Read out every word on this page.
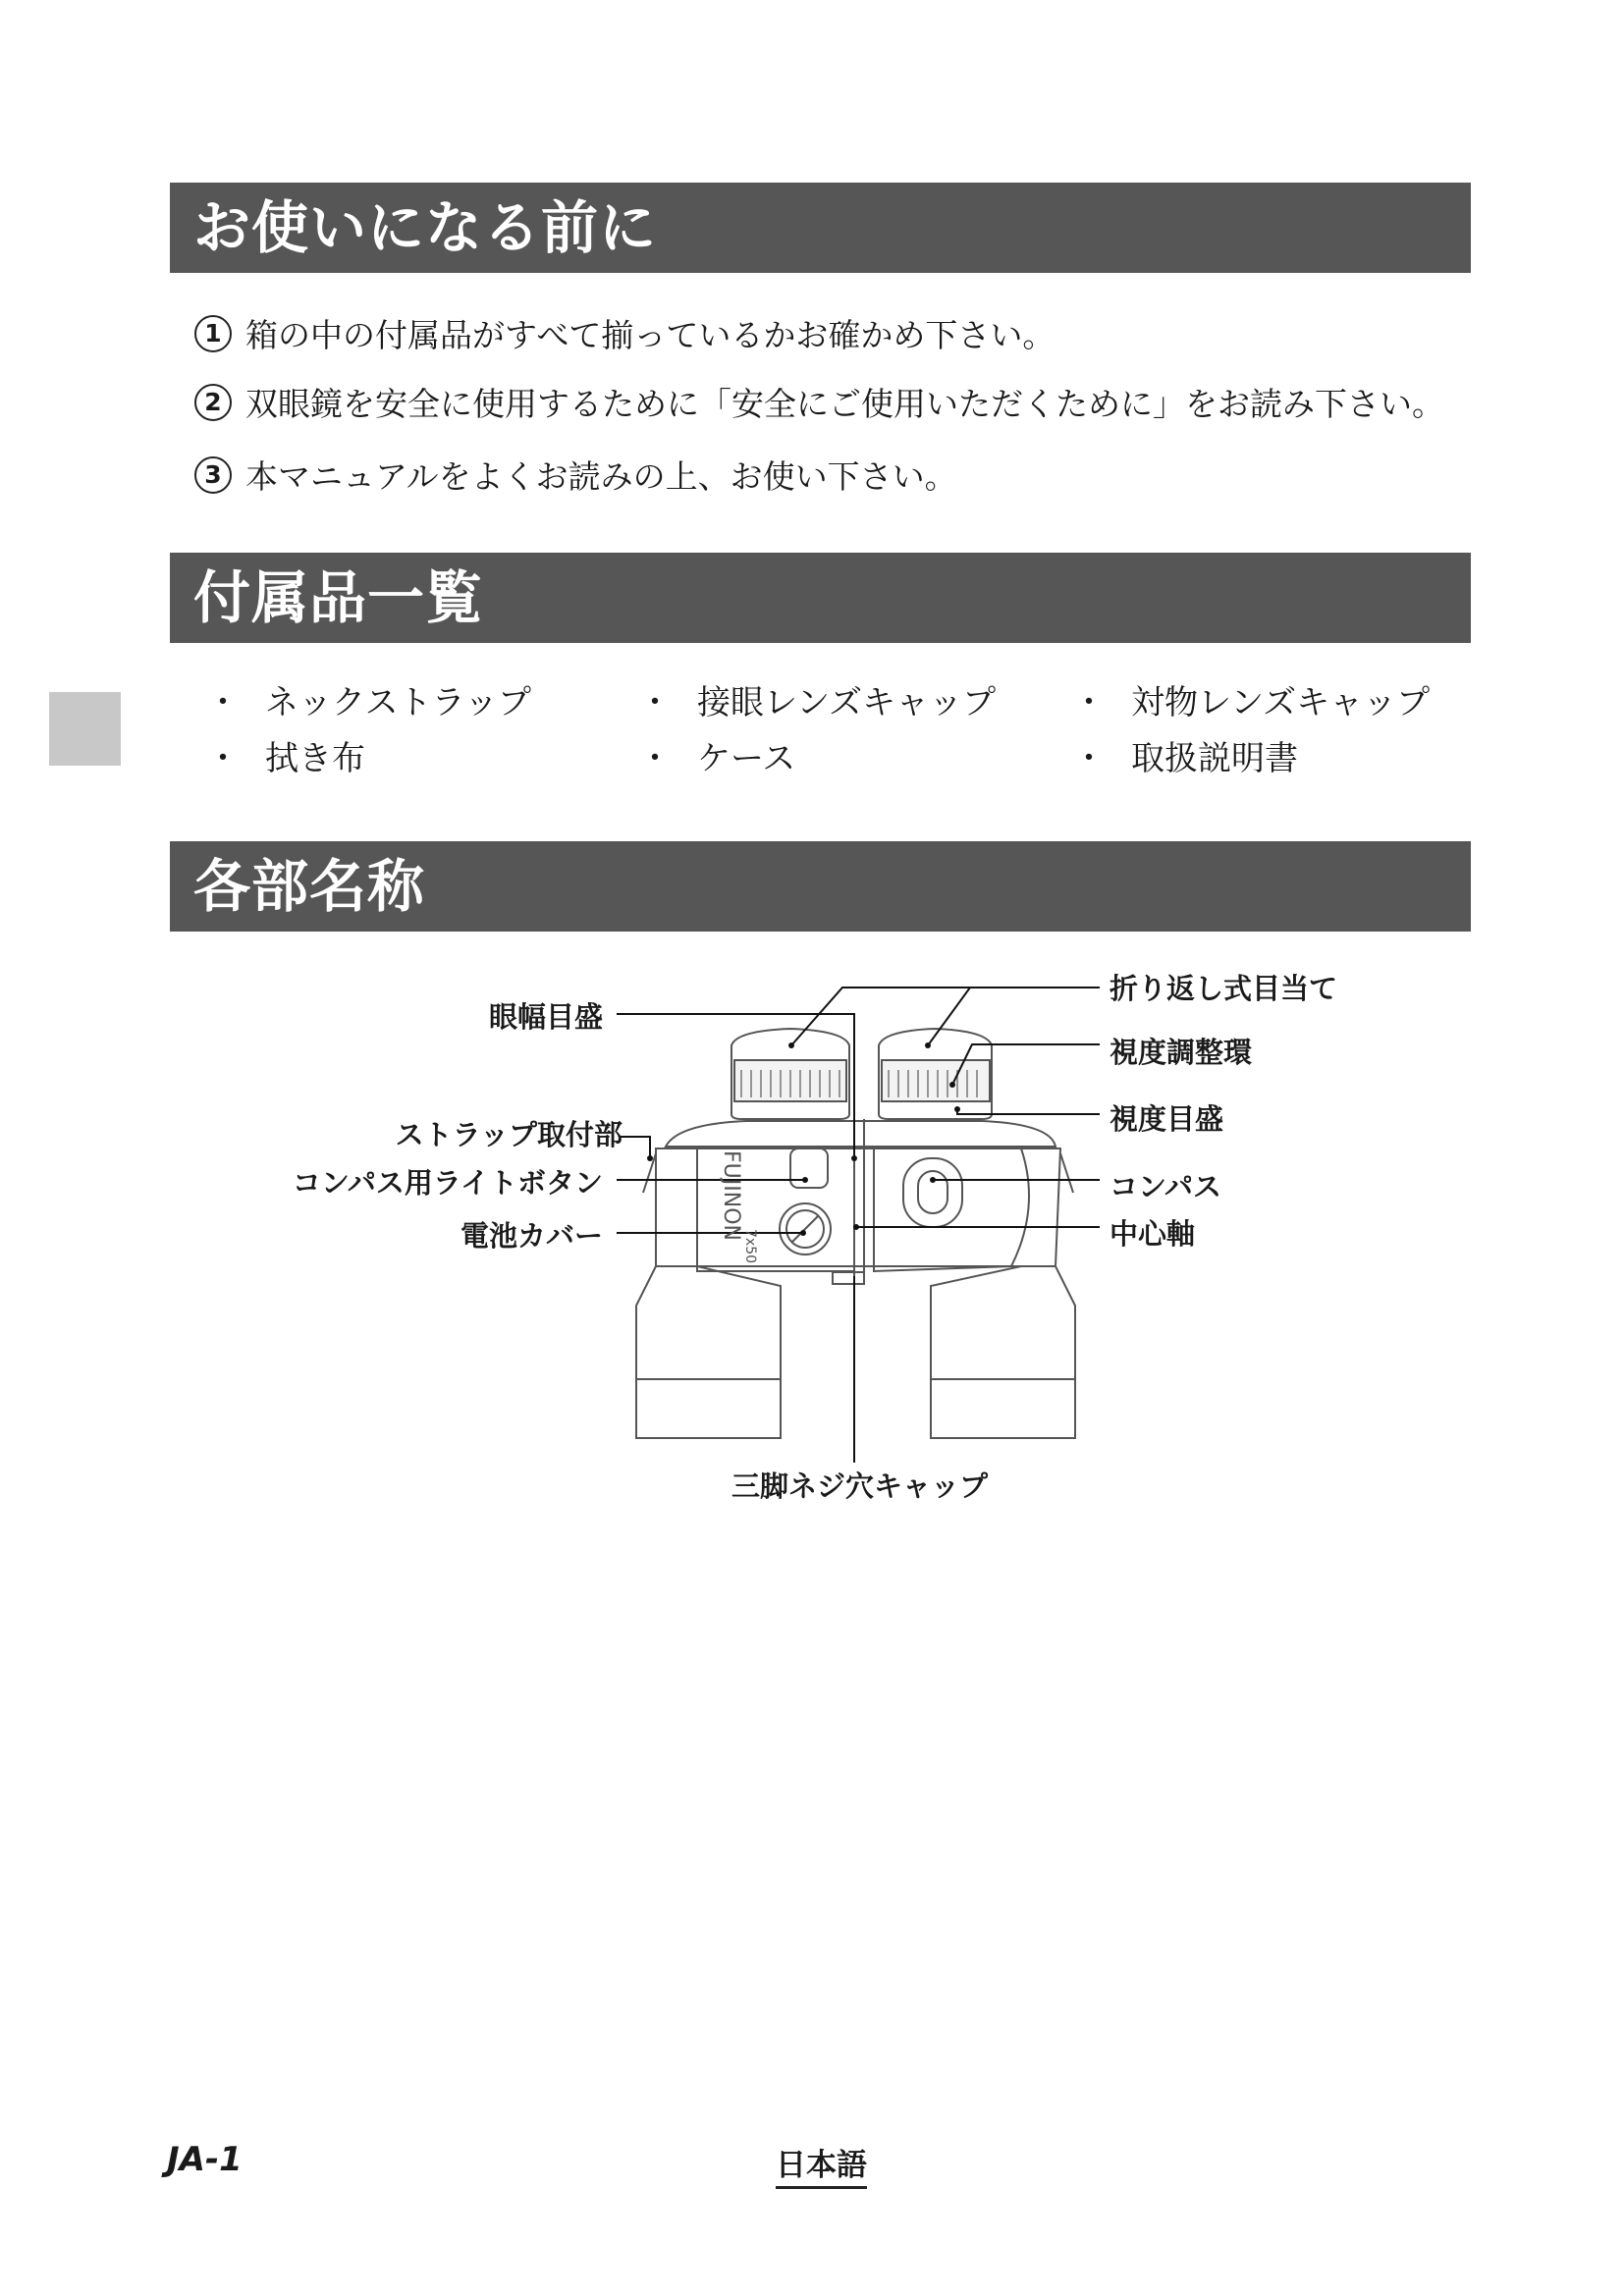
お使いになる前に
1 箱の中の付属品がすべて揃っているかお確かめ下さい。
2 双眼鏡を安全に使用するために「安全にご使用いただくために」をお読み下さい。
3 本マニュアルをよくお読みの上、お使い下さい。
付属品一覧
・ ネックストラップ	・ 接眼レンズキャップ ・ 対物レンズキャップ
・ 拭き布	・ ケース	・ 取扱説明書
各部名称
FUJINON
7x50
眼幅目盛
ストラップ取付部
コンパス用ライトボタン
電池カバー
折り返し式目当て
視度調整環
視度目盛
コンパス
中心軸
三脚ネジ穴キャップ
JA-1	日本語
